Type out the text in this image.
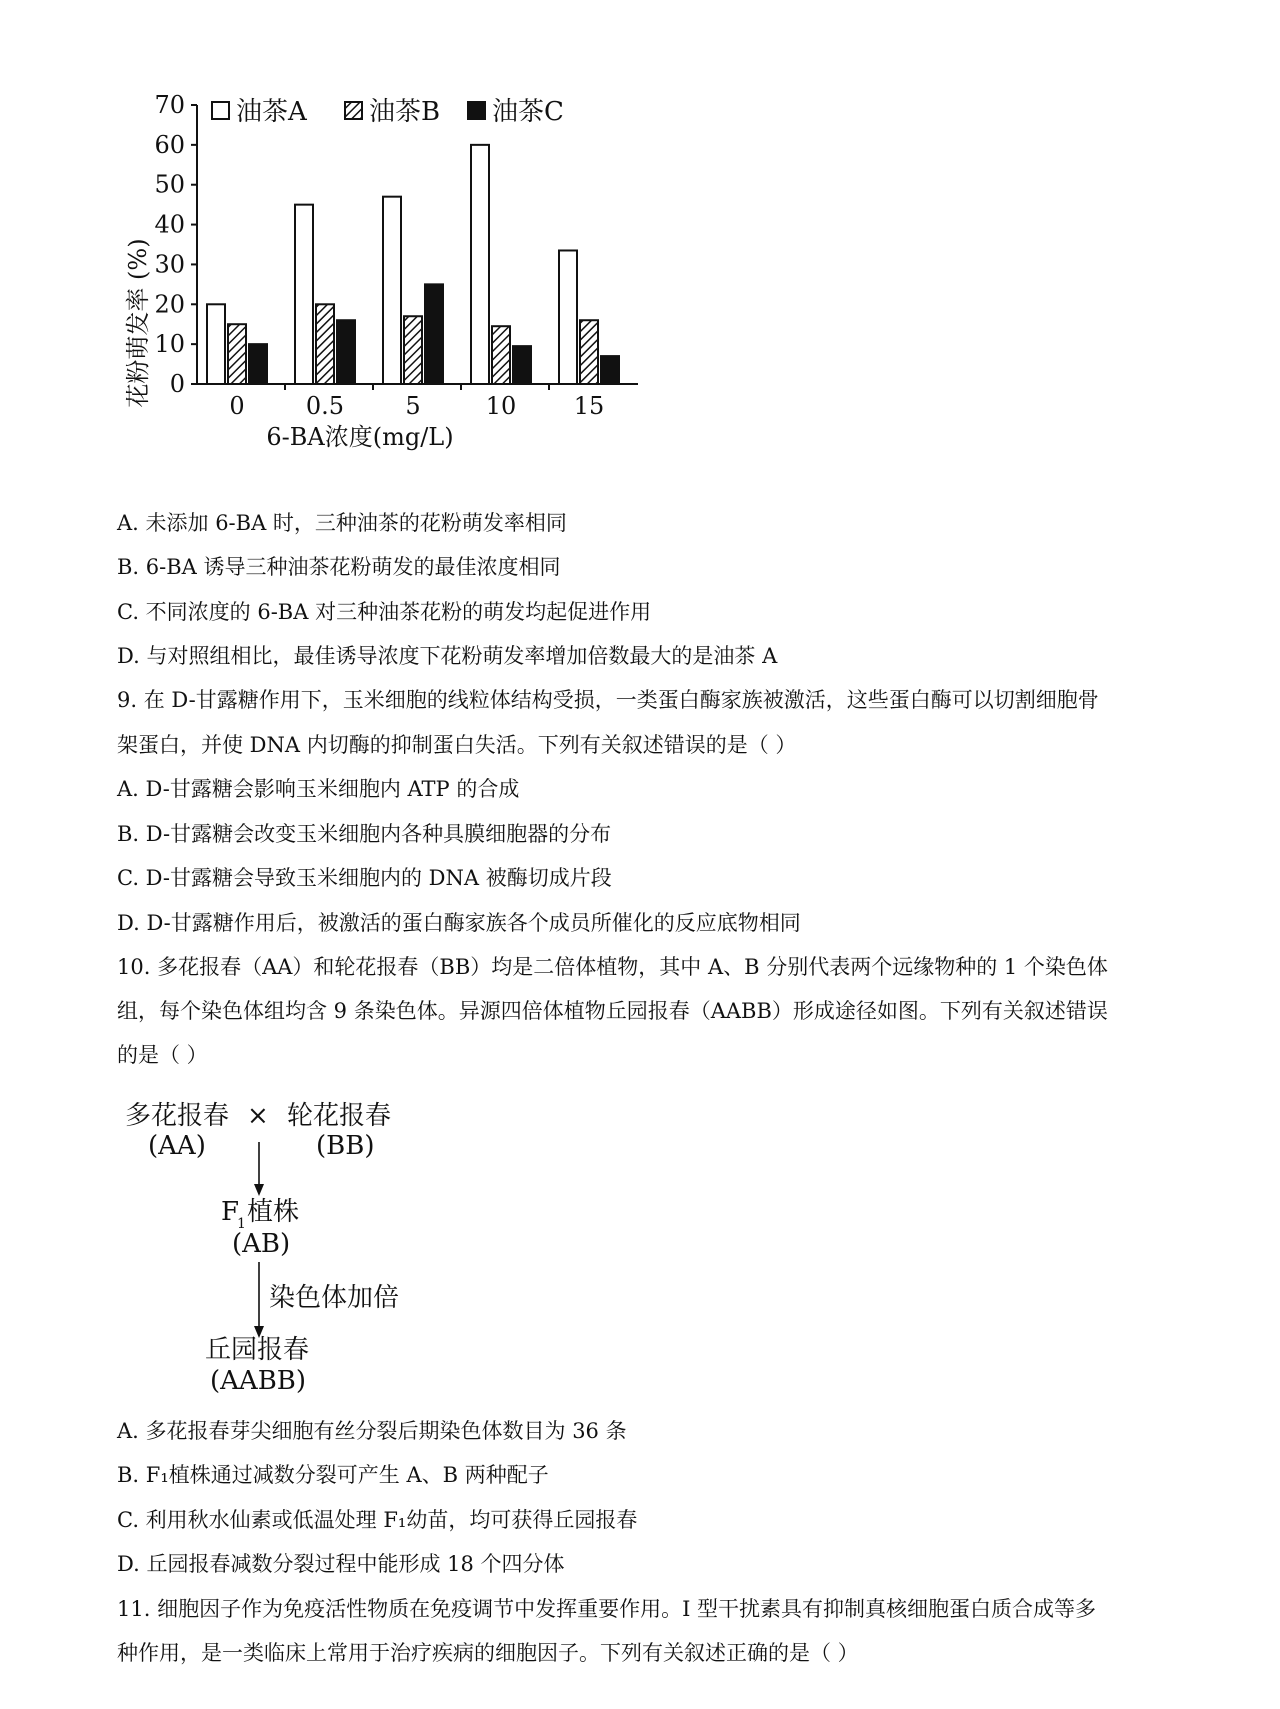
花粉萌发率 (%) 0
10
20
30
40
50
60
70
0	0.5	5	10 15
油茶A 油茶B 油茶C
6-BA浓度(mg/L)
A. 未添加 6-BA 时，三种油茶的花粉萌发率相同
B. 6-BA 诱导三种油茶花粉萌发的最佳浓度相同
C. 不同浓度的 6-BA 对三种油茶花粉的萌发均起促进作用
D. 与对照组相比，最佳诱导浓度下花粉萌发率增加倍数最大的是油茶 A
9. 在 D-甘露糖作用下，玉米细胞的线粒体结构受损，一类蛋白酶家族被激活，这些蛋白酶可以切割细胞骨
架蛋白，并使 DNA 内切酶的抑制蛋白失活。下列有关叙述错误的是（ ）
A. D-甘露糖会影响玉米细胞内 ATP 的合成
B. D-甘露糖会改变玉米细胞内各种具膜细胞器的分布
C. D-甘露糖会导致玉米细胞内的 DNA 被酶切成片段
D. D-甘露糖作用后，被激活的蛋白酶家族各个成员所催化的反应底物相同
10. 多花报春（AA）和轮花报春（BB）均是二倍体植物，其中 A、B 分别代表两个远缘物种的 1 个染色体
组，每个染色体组均含 9 条染色体。异源四倍体植物丘园报春（AABB）形成途径如图。下列有关叙述错误
的是（ ）
多花报春 × 轮花报春
(AA)	(BB)
F
1 植株
(AB)
染色体加倍
丘园报春
(AABB)
A. 多花报春芽尖细胞有丝分裂后期染色体数目为 36 条
B. F₁植株通过减数分裂可产生 A、B 两种配子
C. 利用秋水仙素或低温处理 F₁幼苗，均可获得丘园报春
D. 丘园报春减数分裂过程中能形成 18 个四分体
11. 细胞因子作为免疫活性物质在免疫调节中发挥重要作用。I 型干扰素具有抑制真核细胞蛋白质合成等多
种作用，是一类临床上常用于治疗疾病的细胞因子。下列有关叙述正确的是（ ）
